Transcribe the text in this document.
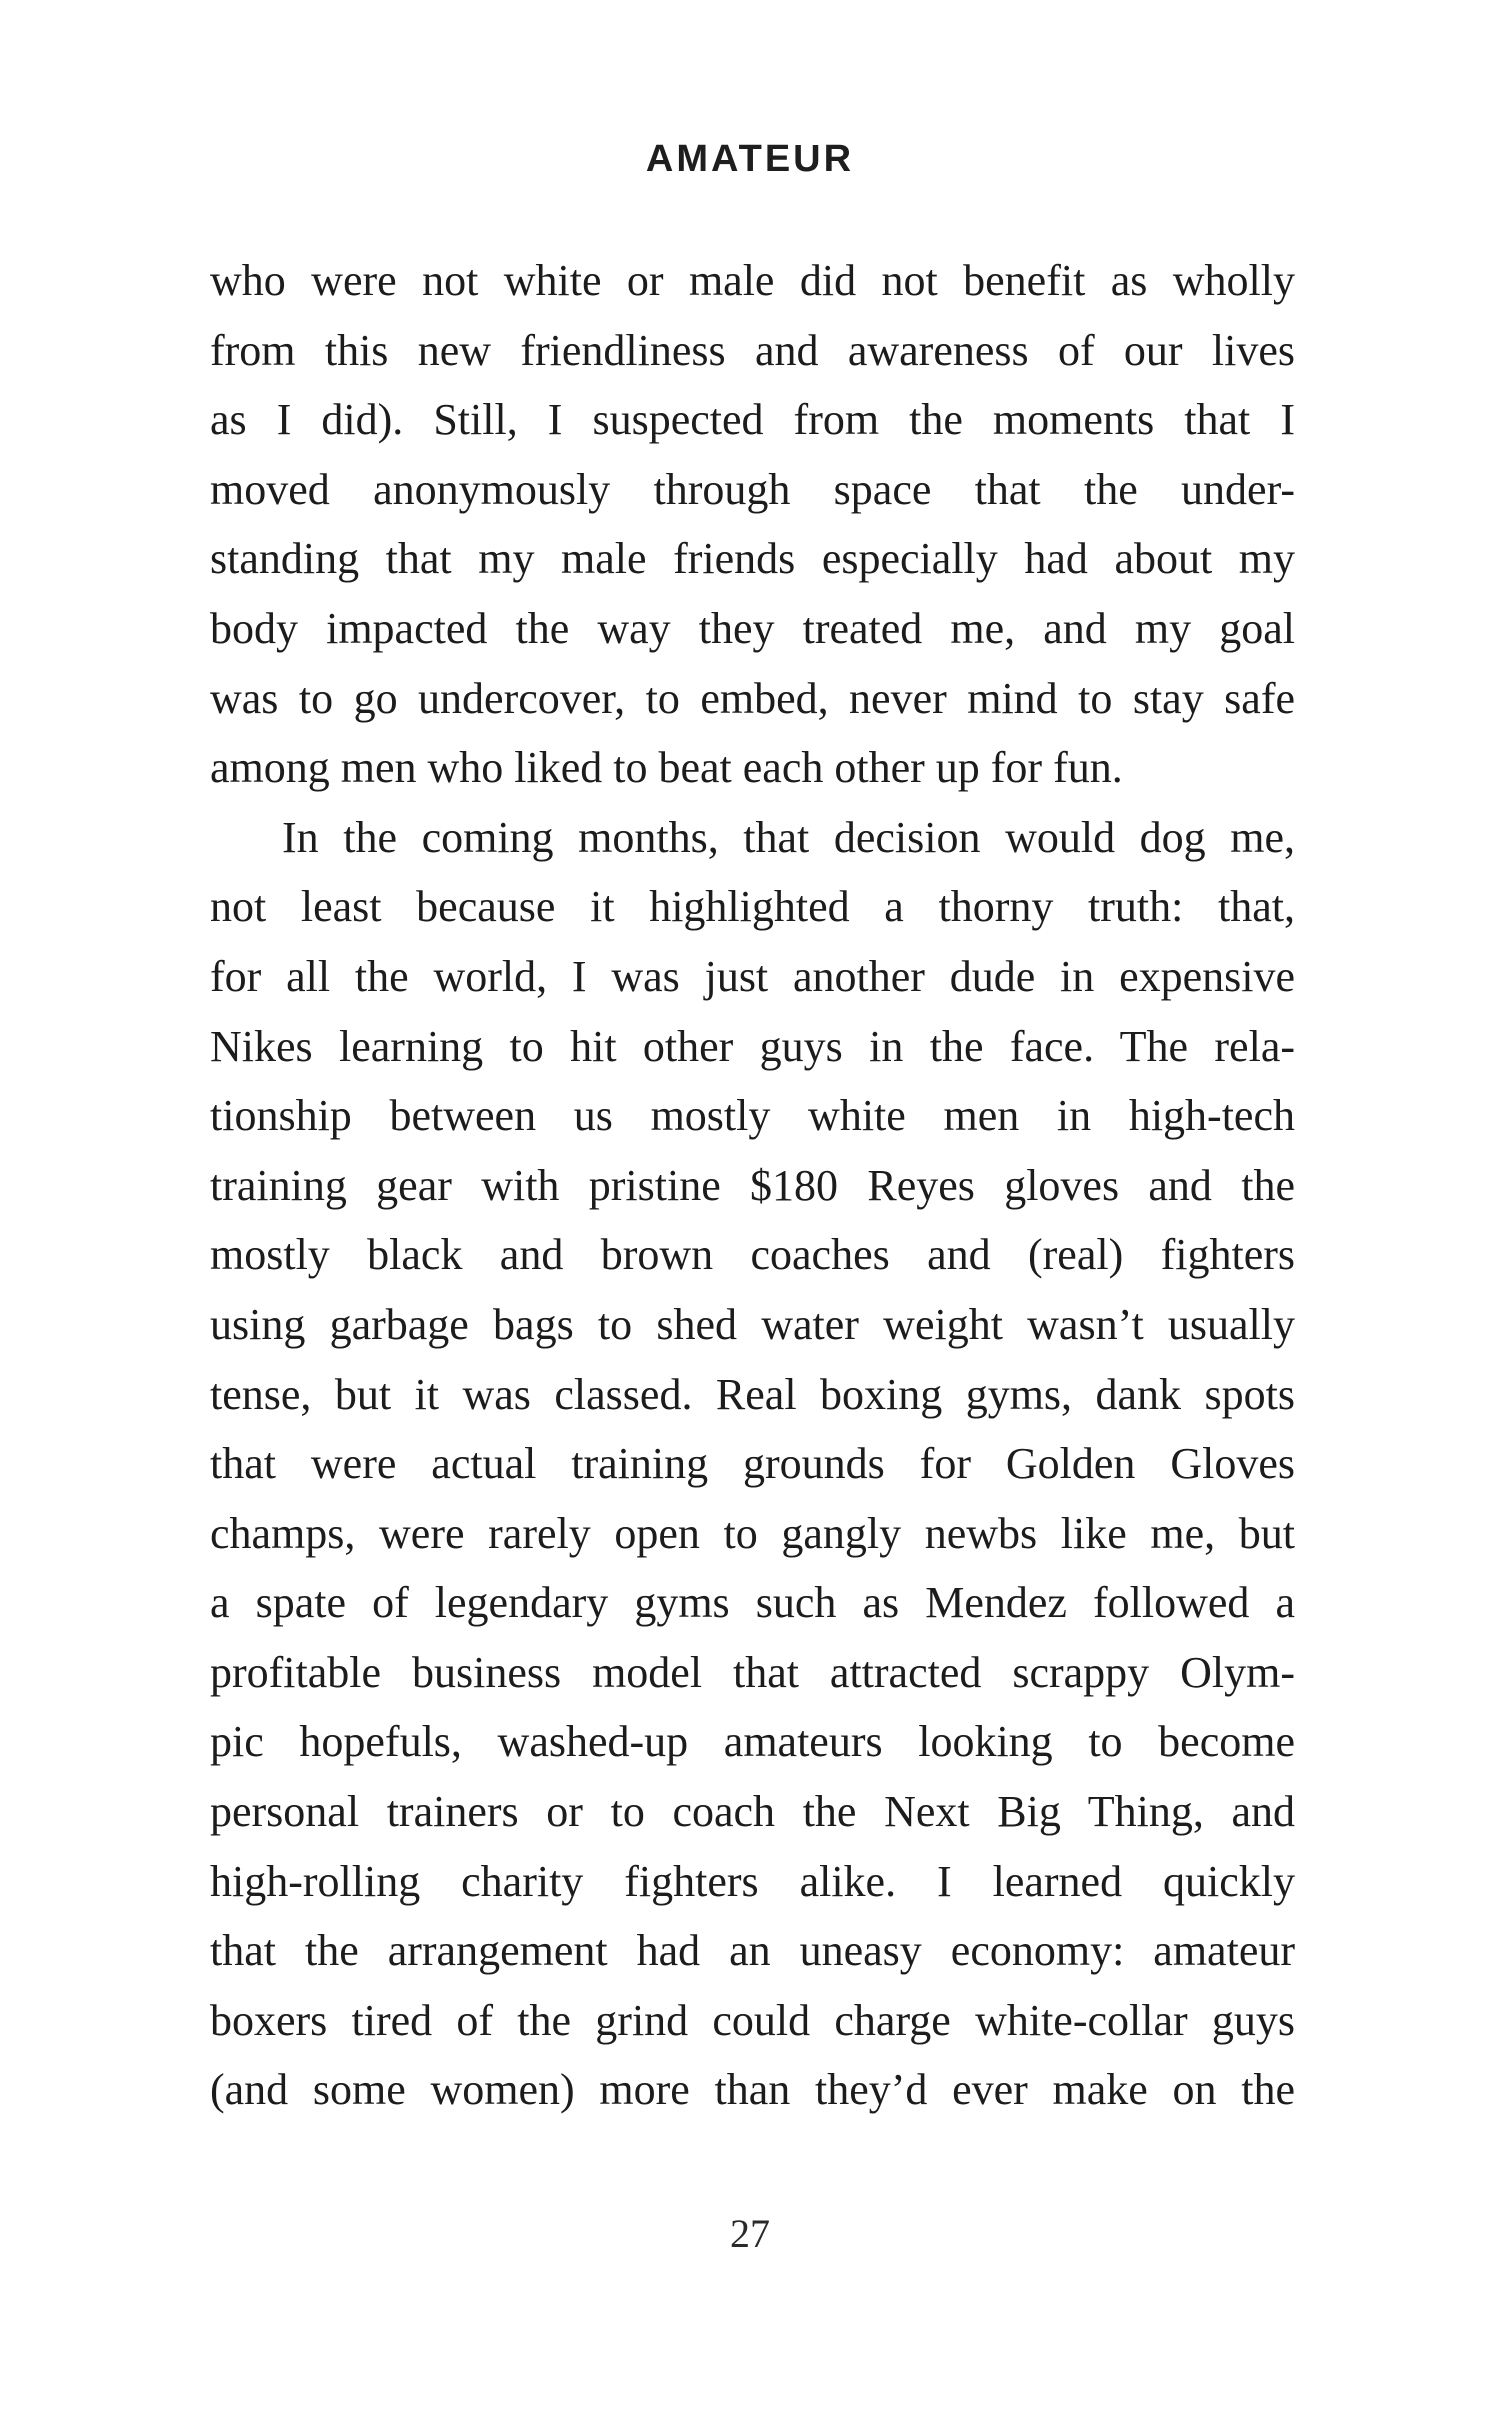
AMATEUR
who were not white or male did not benefit as wholly
from this new friendliness and awareness of our lives
as I did). Still, I suspected from the moments that I
moved anonymously through space that the under-
standing that my male friends especially had about my
body impacted the way they treated me, and my goal
was to go undercover, to embed, never mind to stay safe
among men who liked to beat each other up for fun.
In the coming months, that decision would dog me,
not least because it highlighted a thorny truth: that,
for all the world, I was just another dude in expensive
Nikes learning to hit other guys in the face. The rela-
tionship between us mostly white men in high-tech
training gear with pristine $180 Reyes gloves and the
mostly black and brown coaches and (real) fighters
using garbage bags to shed water weight wasn’t usually
tense, but it was classed. Real boxing gyms, dank spots
that were actual training grounds for Golden Gloves
champs, were rarely open to gangly newbs like me, but
a spate of legendary gyms such as Mendez followed a
profitable business model that attracted scrappy Olym-
pic hopefuls, washed-up amateurs looking to become
personal trainers or to coach the Next Big Thing, and
high-rolling charity fighters alike. I learned quickly
that the arrangement had an uneasy economy: amateur
boxers tired of the grind could charge white-collar guys
(and some women) more than they’d ever make on the
27
